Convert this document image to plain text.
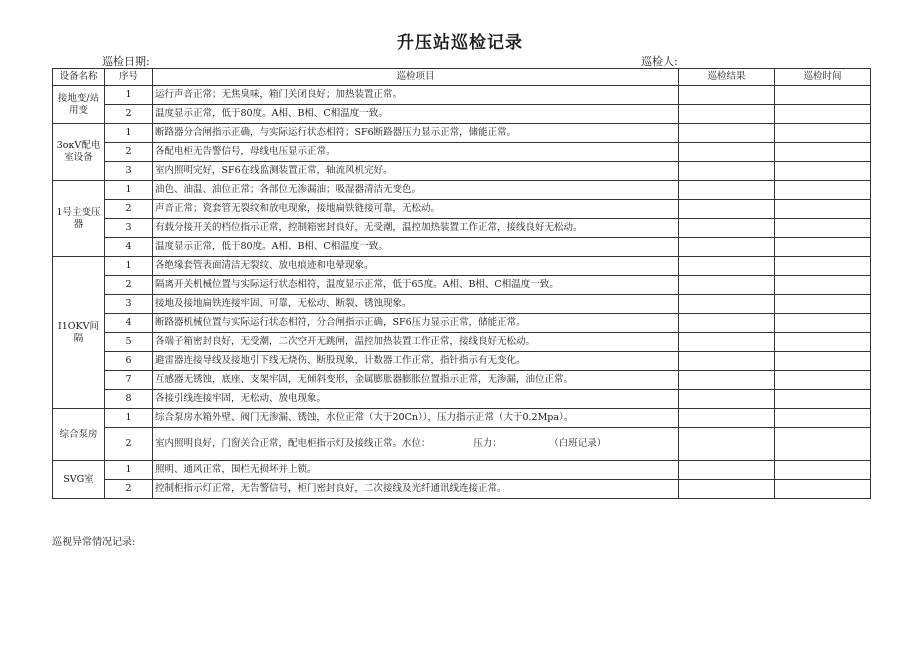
升压站巡检记录
巡检日期:	巡检人:
设备名称	序号	巡检项目	巡检结果	巡检时间
接地变/站用变	1	运行声音正常；无焦臭味，箱门关闭良好；加热装置正常。		
	2	温度显示正常，低于80度。A相、B相、C相温度一致。		
3oκV配电室设备	1	断路器分合闸指示正确，与实际运行状态相符；SF6断路器压力显示正常，储能正常。		
	2	各配电柜无告警信号，母线电压显示正常。		
	3	室内照明完好，SF6在线监测装置正常，轴流风机完好。		
1号主变压器	1	油色、油温、油位正常；各部位无渗漏油；吸湿器清洁无变色。		
	2	声音正常；瓷套管无裂纹和放电现象，接地扁铁链接可靠，无松动。		
	3	有载分接开关的档位指示正常，控制箱密封良好，无受潮，温控加热装置工作正常，接线良好无松动。		
	4	温度显示正常，低于80度。A相、B相、C相温度一致。		
I1OKV间隔	1	各绝缘套管表面清洁无裂纹、放电痕迹和电晕现象。		
	2	隔离开关机械位置与实际运行状态相符，温度显示正常，低于65度。A相、B相、C相温度一致。		
	3	接地及接地扁铁连接牢固、可靠，无松动、断裂、锈蚀现象。		
	4	断路器机械位置与实际运行状态相符，分合闸指示正确，SF6压力显示正常，储能正常。		
	5	各端子箱密封良好，无受潮，二次空开无跳闸，温控加热装置工作正常，接线良好无松动。		
	6	避雷器连接导线及接地引下线无烧伤、断股现象，计数器工作正常，指针指示有无变化。		
	7	互感器无锈蚀，底座、支架牢固，无倾斜变形，金属膨胀器膨胀位置指示正常，无渗漏，油位正常。		
	8	各接引线连接牢固，无松动、放电现象。		
综合泵房	1	综合泵房水箱外壁、阀门无渗漏、锈蚀，水位正常（大于20Cn）），压力指示正常（大于0.2Mpa）。		
	2	室内照明良好，门窗关合正常，配电柜指示灯及接线正常。水位：　　　　　压力：　　　　　　（白班记录）		
SVG室	1	照明、通风正常，围栏无损坏并上锁。		
	2	控制柜指示灯正常，无告警信号，柜门密封良好，二次接线及光纤通讯线连接正常。		
巡视异常情况记录:
